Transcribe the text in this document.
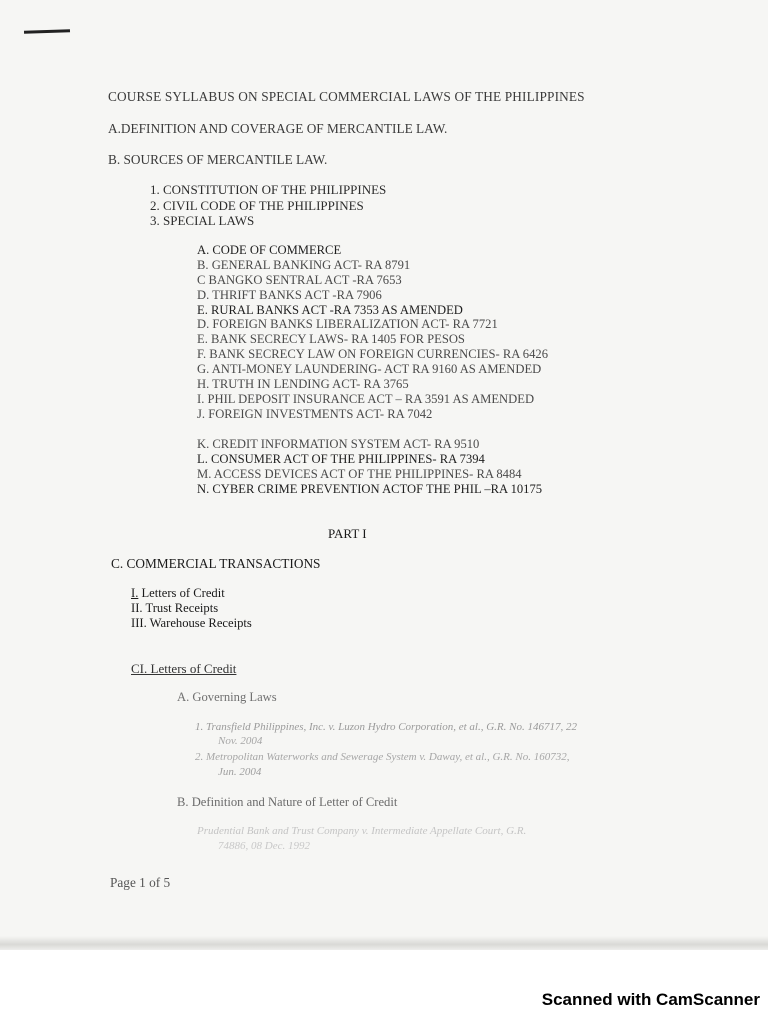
COURSE SYLLABUS ON SPECIAL COMMERCIAL LAWS OF THE PHILIPPINES
A.DEFINITION AND COVERAGE OF MERCANTILE LAW.
B. SOURCES OF MERCANTILE LAW.
1. CONSTITUTION OF THE PHILIPPINES
2. CIVIL CODE OF THE PHILIPPINES
3. SPECIAL LAWS
A. CODE OF COMMERCE
B. GENERAL BANKING ACT- RA 8791
C BANGKO SENTRAL ACT -RA 7653
D. THRIFT BANKS ACT -RA 7906
E. RURAL BANKS ACT -RA 7353 AS AMENDED
D. FOREIGN BANKS LIBERALIZATION ACT- RA 7721
E. BANK SECRECY LAWS- RA 1405 FOR PESOS
F. BANK SECRECY LAW ON FOREIGN CURRENCIES- RA 6426
G. ANTI-MONEY LAUNDERING- ACT RA 9160 AS AMENDED
H. TRUTH IN LENDING ACT- RA 3765
I. PHIL DEPOSIT INSURANCE ACT – RA 3591 AS AMENDED
J. FOREIGN INVESTMENTS ACT- RA 7042
K. CREDIT INFORMATION SYSTEM ACT- RA 9510
L. CONSUMER ACT OF THE PHILIPPINES- RA 7394
M. ACCESS DEVICES ACT OF THE PHILIPPINES- RA 8484
N. CYBER CRIME PREVENTION ACTOF THE PHIL –RA 10175
PART I
C. COMMERCIAL TRANSACTIONS
I. Letters of Credit
II. Trust Receipts
III. Warehouse Receipts
CI. Letters of Credit
A. Governing Laws
1. Transfield Philippines, Inc. v. Luzon Hydro Corporation, et al., G.R. No. 146717, 22
Nov. 2004
2. Metropolitan Waterworks and Sewerage System v. Daway, et al., G.R. No. 160732,
Jun. 2004
B. Definition and Nature of Letter of Credit
Prudential Bank and Trust Company v. Intermediate Appellate Court, G.R.
74886, 08 Dec. 1992
Page 1 of 5
Scanned with CamScanner
